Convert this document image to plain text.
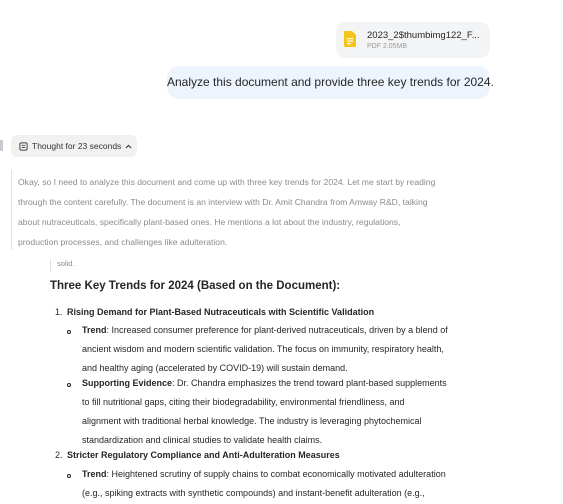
2023_2$thumbimg122_F...
PDF 2.05MB
Analyze this document and provide three key trends for 2024.
Thought for 23 seconds
Okay, so I need to analyze this document and come up with three key trends for 2024. Let me start by reading
through the content carefully. The document is an interview with Dr. Amit Chandra from Amway R&D, talking
about nutraceuticals, specifically plant-based ones. He mentions a lot about the industry, regulations,
production processes, and challenges like adulteration.
solid.
Three Key Trends for 2024 (Based on the Document):
1. Rising Demand for Plant-Based Nutraceuticals with Scientific Validation
Trend: Increased consumer preference for plant-derived nutraceuticals, driven by a blend of
ancient wisdom and modern scientific validation. The focus on immunity, respiratory health,
and healthy aging (accelerated by COVID-19) will sustain demand.
Supporting Evidence: Dr. Chandra emphasizes the trend toward plant-based supplements
to fill nutritional gaps, citing their biodegradability, environmental friendliness, and
alignment with traditional herbal knowledge. The industry is leveraging phytochemical
standardization and clinical studies to validate health claims.
2. Stricter Regulatory Compliance and Anti-Adulteration Measures
Trend: Heightened scrutiny of supply chains to combat economically motivated adulteration
(e.g., spiking extracts with synthetic compounds) and instant-benefit adulteration (e.g.,
